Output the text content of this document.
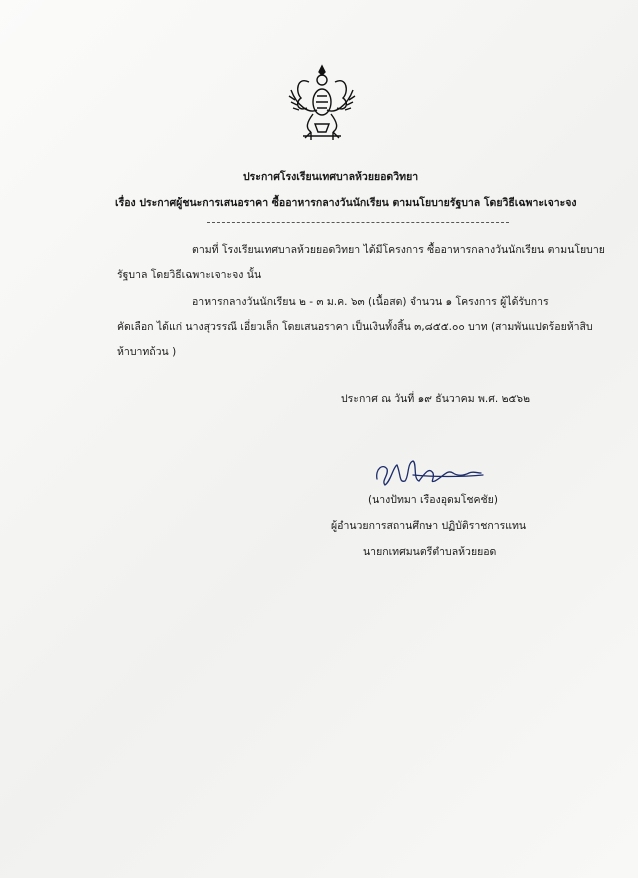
ประกาศโรงเรียนเทศบาลห้วยยอดวิทยา
เรื่อง ประกาศผู้ชนะการเสนอราคา ซื้ออาหารกลางวันนักเรียน ตามนโยบายรัฐบาล โดยวิธีเฉพาะเจาะจง
ตามที่ โรงเรียนเทศบาลห้วยยอดวิทยา ได้มีโครงการ ซื้ออาหารกลางวันนักเรียน ตามนโยบาย
รัฐบาล โดยวิธีเฉพาะเจาะจง นั้น
อาหารกลางวันนักเรียน ๒ - ๓ ม.ค. ๖๓ (เนื้อสด) จำนวน ๑ โครงการ ผู้ได้รับการ
คัดเลือก ได้แก่ นางสุวรรณี เอี่ยวเล็ก โดยเสนอราคา เป็นเงินทั้งสิ้น ๓,๘๕๕.๐๐ บาท (สามพันแปดร้อยห้าสิบ
ห้าบาทถ้วน )
ประกาศ ณ วันที่ ๑๙ ธันวาคม พ.ศ. ๒๕๖๒
(นางปัทมา เรืองอุดมโชคชัย)
ผู้อำนวยการสถานศึกษา ปฏิบัติราชการแทน
นายกเทศมนตรีตำบลห้วยยอด
